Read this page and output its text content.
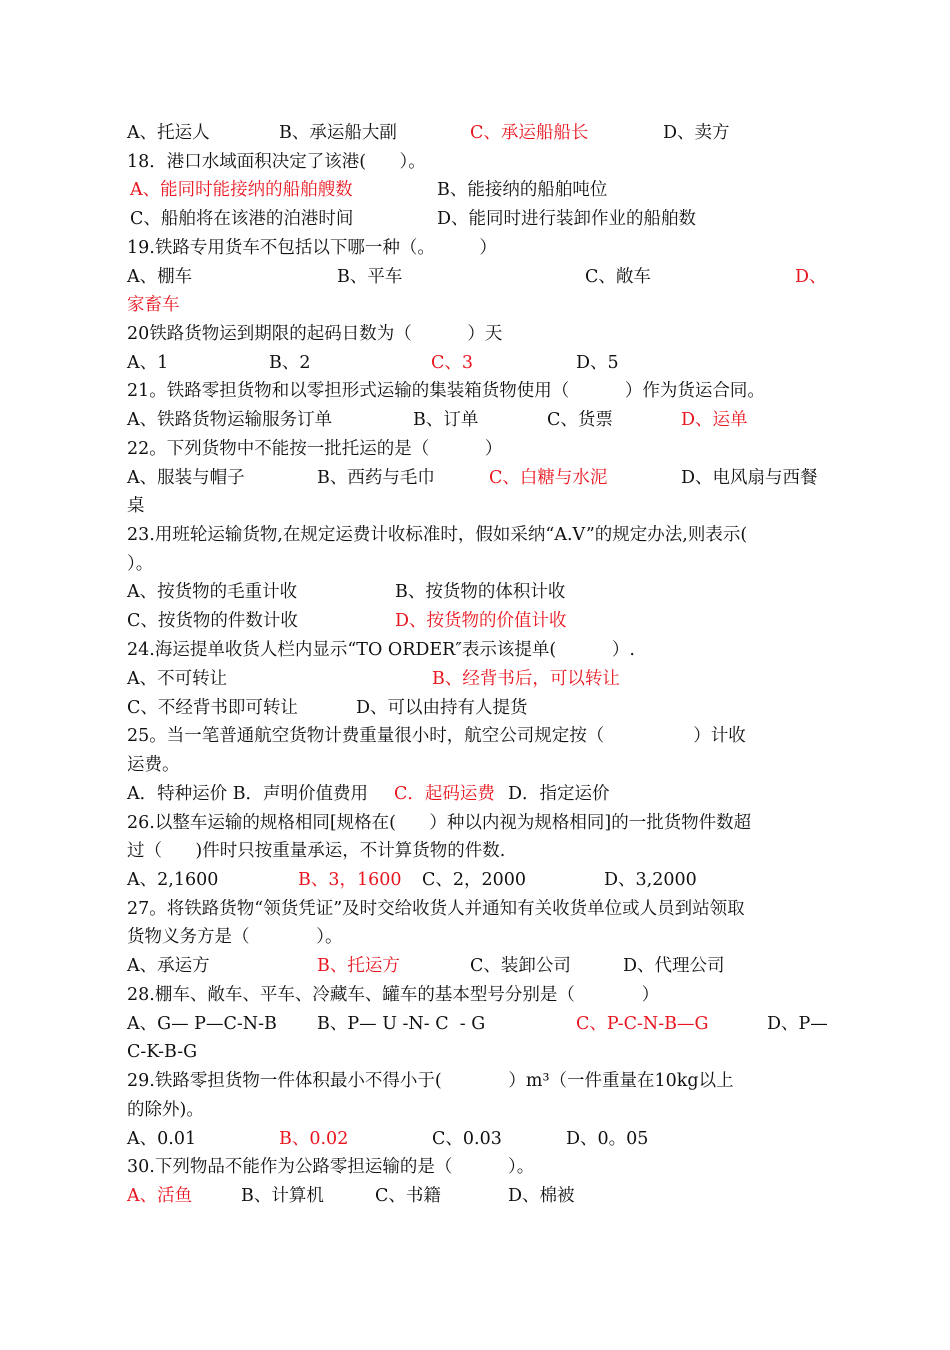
A、托运人

	B、承运船大副

	C、承运船船长

	D、卖方

18．港口水域面积决定了该港(      ）。

A、能同时能接纳的船舶艘数

	B、能接纳的船舶吨位

C、船舶将在该港的泊港时间

	D、能同时进行装卸作业的船舶数

19.铁路专用货车不包括以下哪一种（。        ）

A、棚车

	B、平车

	C、敞车

	D、

家畜车
20铁路货物运到期限的起码日数为（          ）天

A、1

	B、2

	C、3

	D、5

21。铁路零担货物和以零担形式运输的集装箱货物使用（          ）作为货运合同。

A、铁路货物运输服务订单

	B、订单

	C、货票

	D、运单

22。下列货物中不能按一批托运的是（          ）

A、服装与帽子

	B、西药与毛巾

	C、白糖与水泥

	D、电风扇与西餐

桌
23.用班轮运输货物,在规定运费计收标准时，假如采纳“A.V”的规定办法,则表示(
）。

A、按货物的毛重计收

	B、按货物的体积计收

C、按货物的件数计收

	D、按货物的价值计收

24.海运提单收货人栏内显示“TO ORDER″表示该提单(          ）.

A、不可转让

	B、经背书后，可以转让

C、不经背书即可转让

	D、可以由持有人提货

25。当一笔普通航空货物计费重量很小时，航空公司规定按（                ）计收
运费。

A．特种运价 B．声明价值费用

C．起码运费

D．指定运价

26.以整车运输的规格相同[规格在(      ）种以内视为规格相同]的一批货物件数超
过（      )件时只按重量承运，不计算货物的件数.

A、2,1600

	B、3，1600

C、2，2000

	D、3,2000

27。将铁路货物“领货凭证”及时交给收货人并通知有关收货单位或人员到站领取
货物义务方是（            ）。

A、承运方

	B、托运方

	C、装卸公司

	D、代理公司

28.棚车、敞车、平车、冷藏车、罐车的基本型号分别是（            ）

A、G— P—C-N-B

B、P— U -N- C  - G

	C、P-C-N-B—G

	D、P—

C-K-B-G
29.铁路零担货物一件体积最小不得小于(            ）m³（一件重量在10kg以上
的除外)。

A、0.01

	B、0.02

	C、0.03

	D、0。05

30.下列物品不能作为公路零担运输的是（          ）。

A、活鱼

	B、计算机

	C、书籍

	D、棉被
